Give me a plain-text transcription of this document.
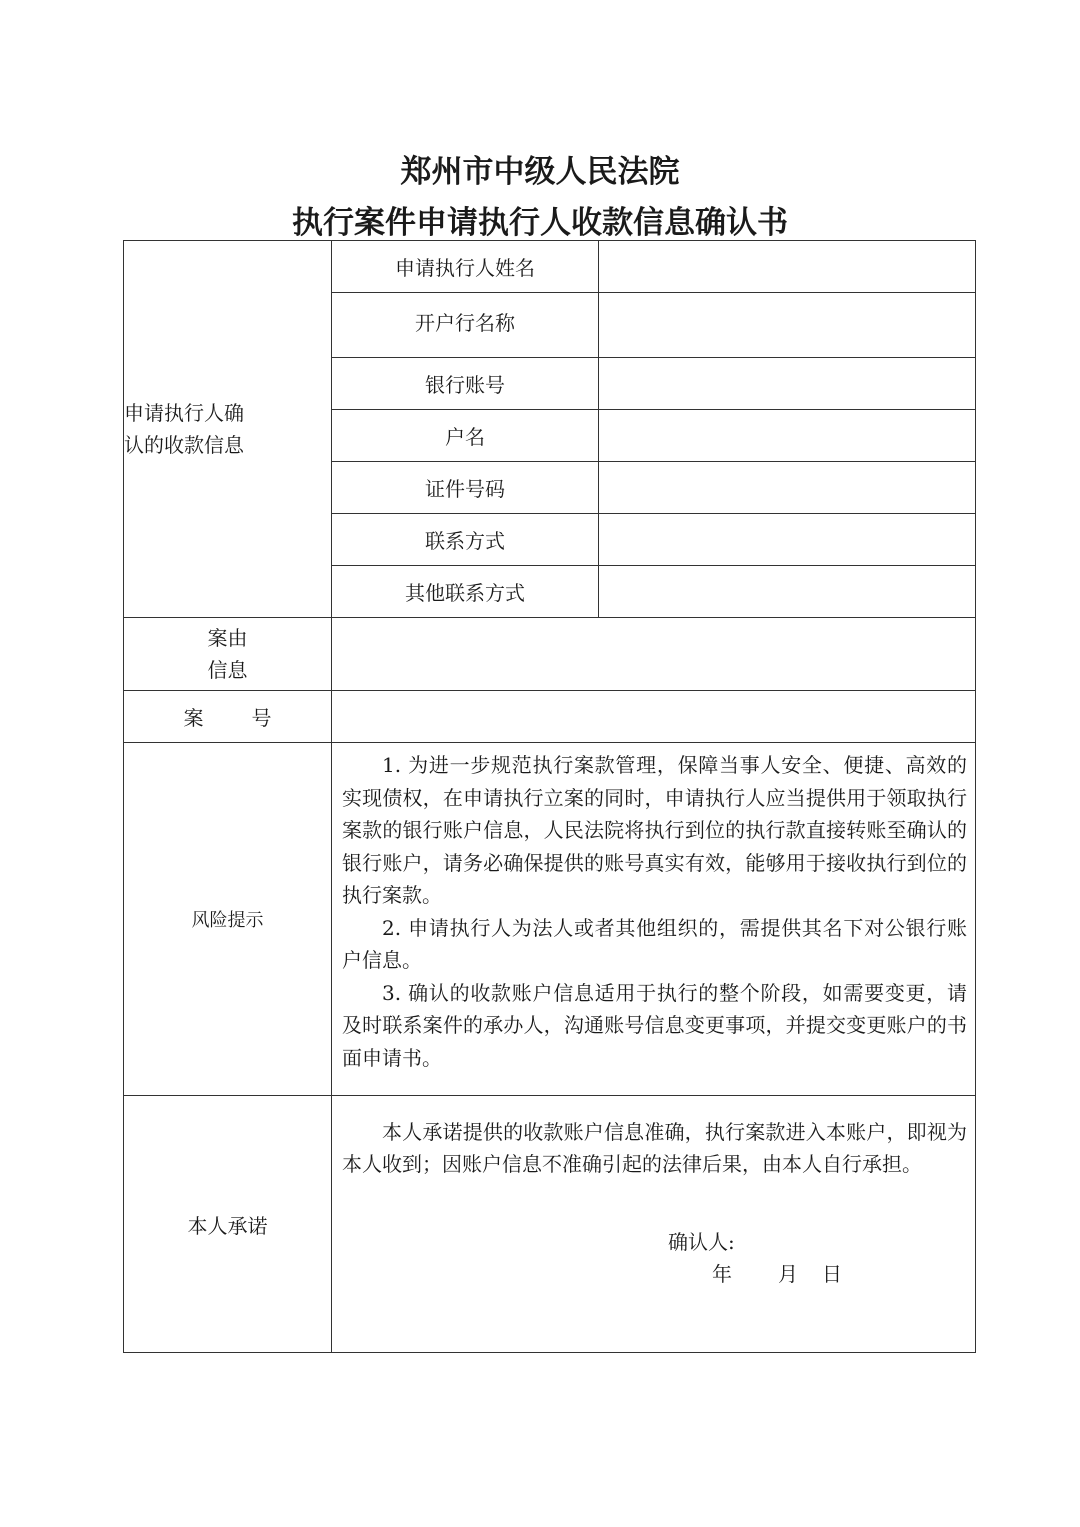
郑州市中级人民法院
执行案件申请执行人收款信息确认书
申请执行人确
认的收款信息	申请执行人姓名	
	开户行名称	
	银行账号	
	户名	
	证件号码	
	联系方式	
	其他联系方式	

案由
信息		

案 号		
风险提示	1. 为进一步规范执行案款管理，保障当事人安全、便捷、高效的实现债权，在申请执行立案的同时，申请执行人应当提供用于领取执行案款的银行账户信息，人民法院将执行到位的执行款直接转账至确认的银行账户，请务必确保提供的账号真实有效，能够用于接收执行到位的执行案款。

2. 申请执行人为法人或者其他组织的，需提供其名下对公银行账户信息。

3. 确认的收款账户信息适用于执行的整个阶段，如需要变更，请及时联系案件的承办人，沟通账号信息变更事项，并提交变更账户的书面申请书。	

本人承诺	本人承诺提供的收款账户信息准确，执行案款进入本账户，即视为本人收到；因账户信息不准确引起的法律后果，由本人自行承担。

确认人:
年 月 日	
